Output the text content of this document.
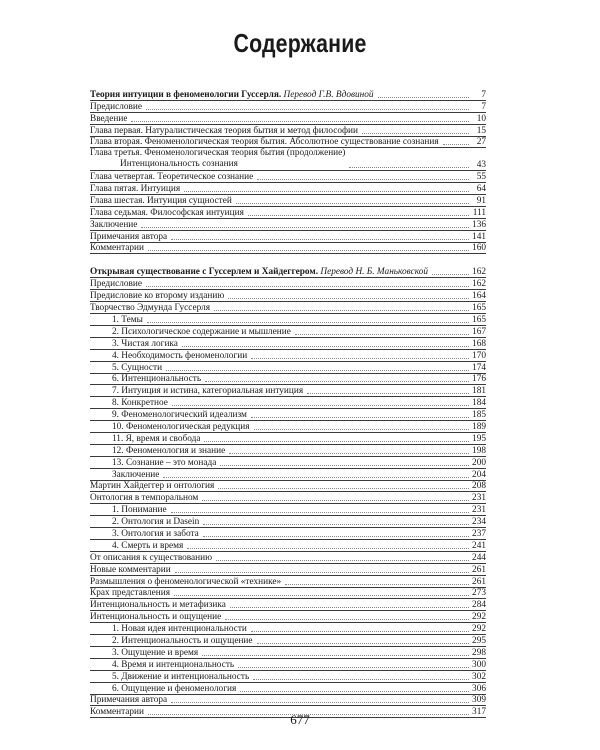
Содержание
Теория интуиции в феноменологии Гуссерля. Перевод Г.В. Вдовиной	7
Предисловие	7
Введение	10
Глава первая. Натуралистическая теория бытия и метод философии	15
Глава вторая. Феноменологическая теория бытия. Абсолютное существование сознания	27
Глава третья. Феноменологическая теория бытия (продолжение)
Интенциональность сознания	43
Глава четвертая. Теоретическое сознание	55
Глава пятая. Интуиция	64
Глава шестая. Интуиция сущностей	91
Глава седьмая. Философская интуиция	111
Заключение	136
Примечания автора	141
Комментарии	160
Открывая существование с Гуссерлем и Хайдеггером. Перевод Н. Б. Маньковской	162
Предисловие	162
Предисловие ко второму изданию	164
Творчество Эдмунда Гуссерля	165
1. Темы	165
2. Психологическое содержание и мышление	167
3. Чистая логика	168
4. Необходимость феноменологии	170
5. Сущности	174
6. Интенциональность	176
7. Интуиция и истина, категориальная интуиция	181
8. Конкретное	184
9. Феноменологический идеализм	185
10. Феноменологическая редукция	189
11. Я, время и свобода	195
12. Феноменология и знание	198
13. Сознание – это монада	200
Заключение	204
Мартин Хайдеггер и онтология	208
Онтология в темпоральном	231
1. Понимание	231
2. Онтология и Dasein	234
3. Онтология и забота	237
4. Смерть и время	241
От описания к существованию	244
Новые комментарии	261
Размышления о феноменологической «технике»	261
Крах представления	273
Интенциональность и метафизика	284
Интенциональность и ощущение	292
1. Новая идея интенциональности	292
2. Интенциональность и ощущение	295
3. Ощущение и время	298
4. Время и интенциональность	300
5. Движение и интенциональность	302
6. Ощущение и феноменология	306
Примечания автора	309
Комментарии	317
677
